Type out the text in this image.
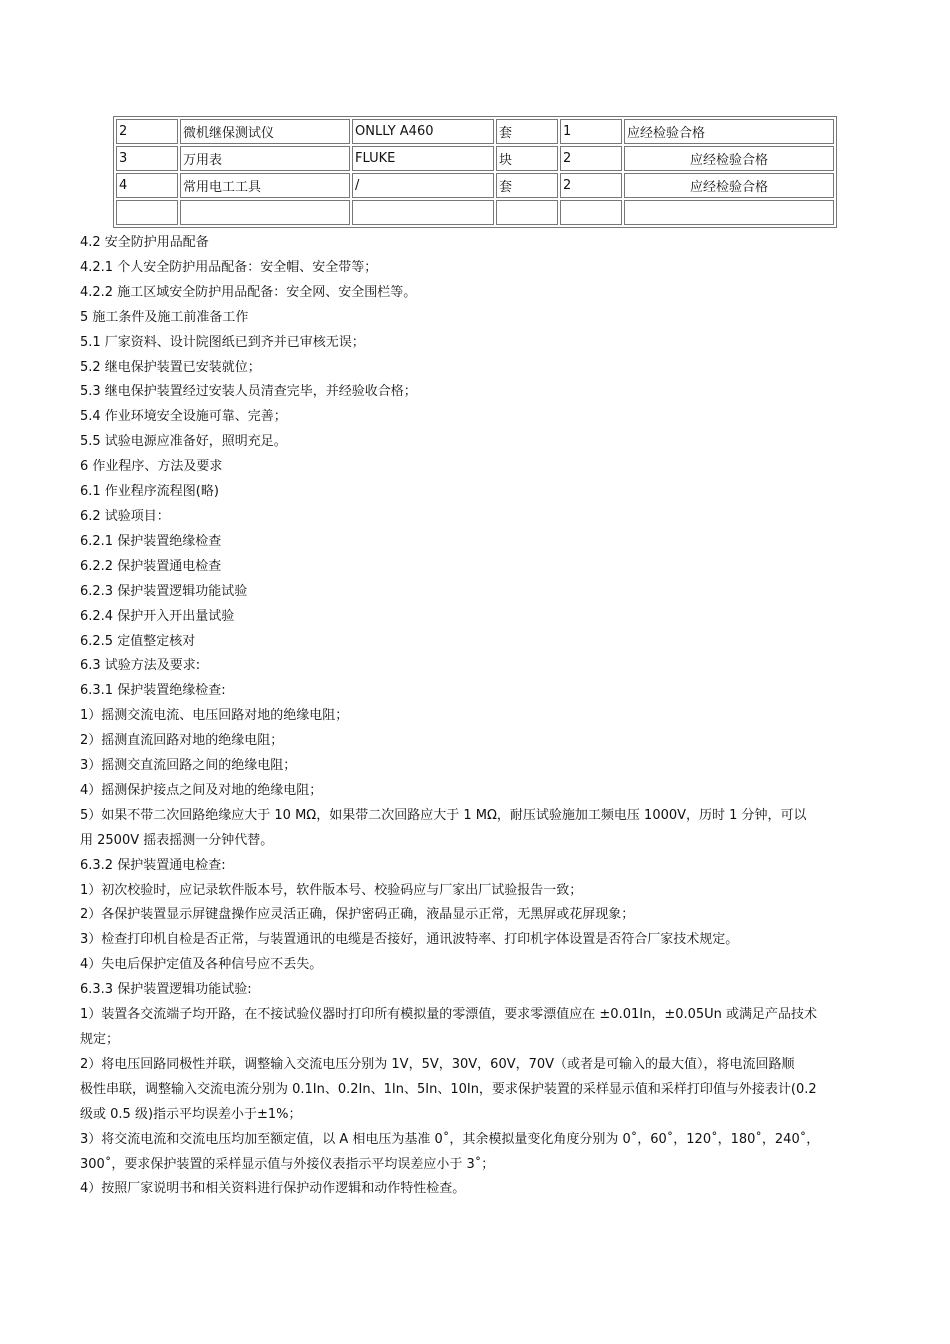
2	微机继保测试仪	ONLLY A460	套	1	应经检验合格
3	万用表	FLUKE	块	2	应经检验合格
4	常用电工工具	/	套	2	应经检验合格

4.2 安全防护用品配备

4.2.1 个人安全防护用品配备：安全帽、安全带等；

4.2.2 施工区域安全防护用品配备：安全网、安全围栏等。

5 施工条件及施工前准备工作

5.1 厂家资料、设计院图纸已到齐并已审核无误；

5.2 继电保护装置已安装就位；

5.3 继电保护装置经过安装人员清查完毕，并经验收合格；

5.4 作业环境安全设施可靠、完善；

5.5 试验电源应准备好，照明充足。

6 作业程序、方法及要求

6.1 作业程序流程图(略)

6.2 试验项目：

6.2.1 保护装置绝缘检查

6.2.2 保护装置通电检查

6.2.3 保护装置逻辑功能试验

6.2.4 保护开入开出量试验

6.2.5 定值整定核对

6.3 试验方法及要求:

6.3.1 保护装置绝缘检查:

1）摇测交流电流、电压回路对地的绝缘电阻；

2）摇测直流回路对地的绝缘电阻；

3）摇测交直流回路之间的绝缘电阻；

4）摇测保护接点之间及对地的绝缘电阻；

5）如果不带二次回路绝缘应大于 10 MΩ，如果带二次回路应大于 1 MΩ，耐压试验施加工频电压 1000V，历时 1 分钟，可以

用 2500V 摇表摇测一分钟代替。

6.3.2 保护装置通电检查:

1）初次校验时，应记录软件版本号，软件版本号、校验码应与厂家出厂试验报告一致；

2）各保护装置显示屏键盘操作应灵活正确，保护密码正确，液晶显示正常，无黑屏或花屏现象；

3）检查打印机自检是否正常，与装置通讯的电缆是否接好，通讯波特率、打印机字体设置是否符合厂家技术规定。

4）失电后保护定值及各种信号应不丢失。

6.3.3 保护装置逻辑功能试验:

1）装置各交流端子均开路，在不接试验仪器时打印所有模拟量的零漂值，要求零漂值应在 ±0.01In，±0.05Un 或满足产品技术

规定；

2）将电压回路同极性并联，调整输入交流电压分别为 1V，5V，30V，60V，70V（或者是可输入的最大值），将电流回路顺

极性串联，调整输入交流电流分别为 0.1In、0.2In、1In、5In、10In，要求保护装置的采样显示值和采样打印值与外接表计(0.2

级或 0.5 级)指示平均误差小于±1%；

3）将交流电流和交流电压均加至额定值，以 A 相电压为基准 0˚，其余模拟量变化角度分别为 0˚，60˚，120˚，180˚，240˚，

300˚，要求保护装置的采样显示值与外接仪表指示平均误差应小于 3˚；

4）按照厂家说明书和相关资料进行保护动作逻辑和动作特性检查。
